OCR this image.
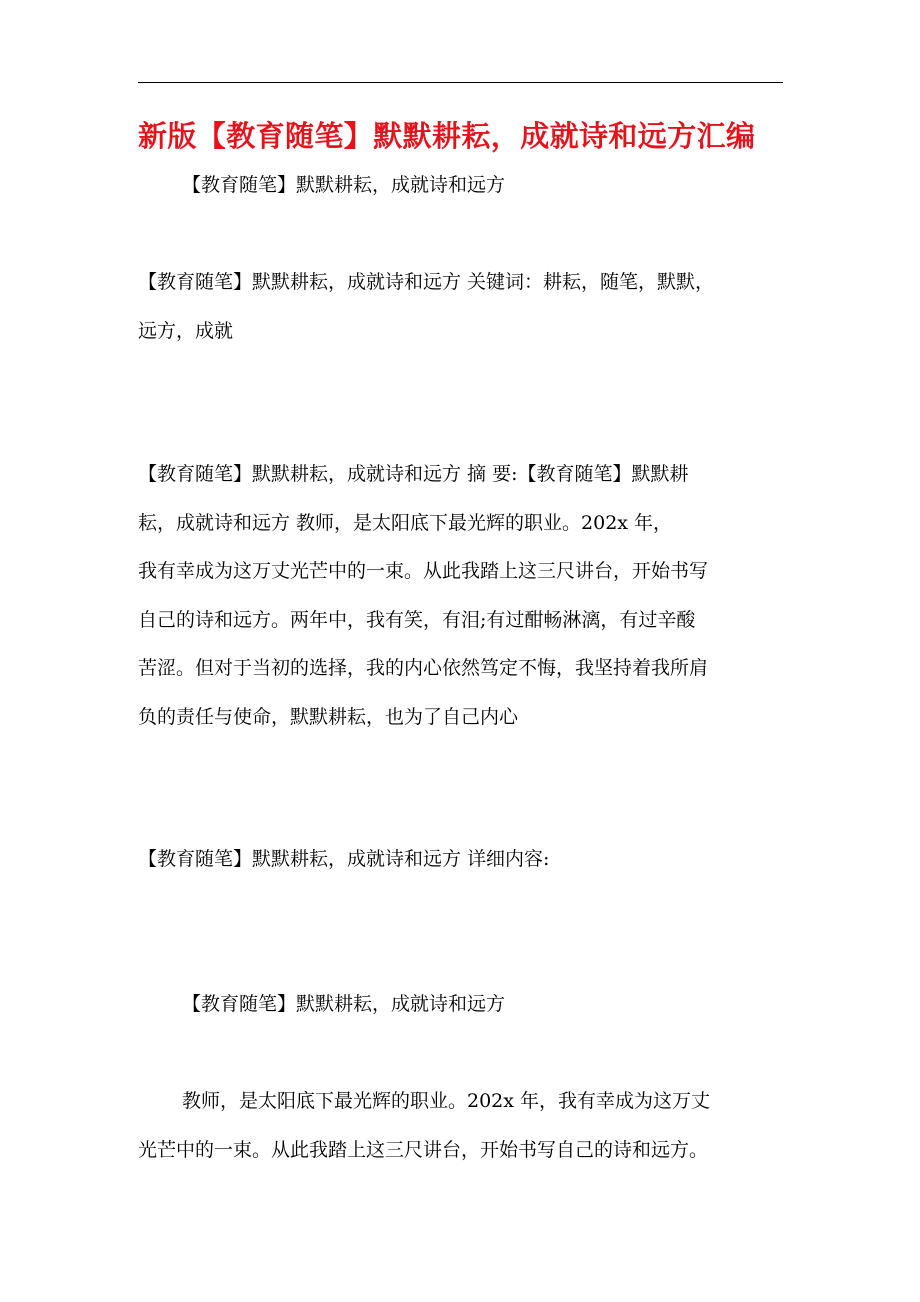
新版【教育随笔】默默耕耘，成就诗和远方汇编

【教育随笔】默默耕耘，成就诗和远方

【教育随笔】默默耕耘，成就诗和远方 关键词：耕耘，随笔，默默，
远方，成就

【教育随笔】默默耕耘，成就诗和远方 摘 要:【教育随笔】默默耕
耘，成就诗和远方 教师，是太阳底下最光辉的职业。202x 年，
我有幸成为这万丈光芒中的一束。从此我踏上这三尺讲台，开始书写
自己的诗和远方。两年中，我有笑，有泪;有过酣畅淋漓，有过辛酸
苦涩。但对于当初的选择，我的内心依然笃定不悔，我坚持着我所肩
负的责任与使命，默默耕耘，也为了自己内心

【教育随笔】默默耕耘，成就诗和远方 详细内容:

【教育随笔】默默耕耘，成就诗和远方

教师，是太阳底下最光辉的职业。202x 年，我有幸成为这万丈
光芒中的一束。从此我踏上这三尺讲台，开始书写自己的诗和远方。
